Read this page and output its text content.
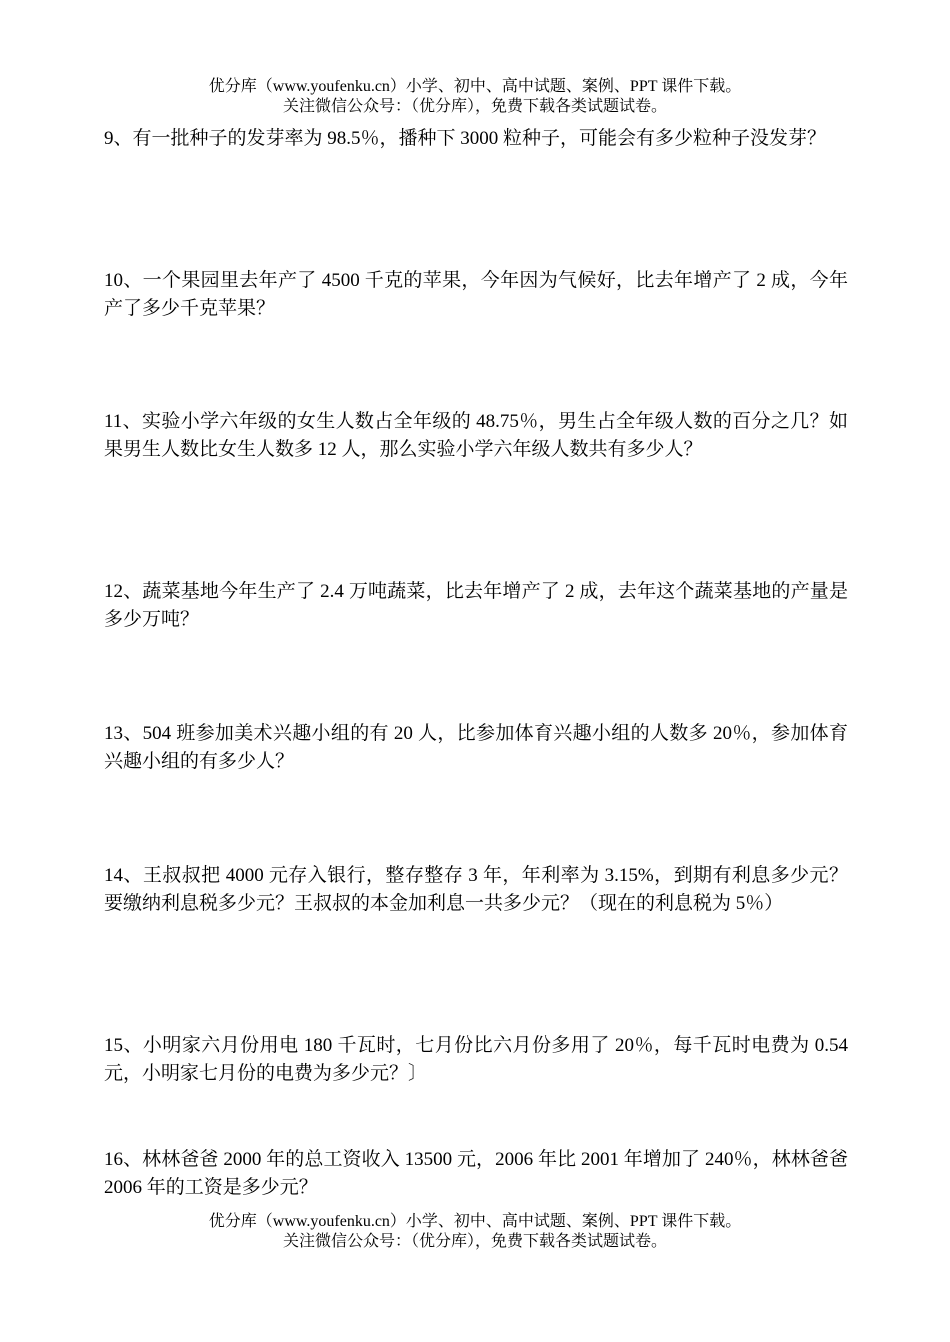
优分库（www.youfenku.cn）小学、初中、高中试题、案例、PPT 课件下载。
关注微信公众号：（优分库），免费下载各类试题试卷。
9、有一批种子的发芽率为 98.5％，播种下 3000 粒种子，可能会有多少粒种子没发芽？
10、一个果园里去年产了 4500 千克的苹果，今年因为气候好，比去年增产了 2 成，今年产了多少千克苹果？
11、实验小学六年级的女生人数占全年级的 48.75％，男生占全年级人数的百分之几？如果男生人数比女生人数多 12 人，那么实验小学六年级人数共有多少人？
12、蔬菜基地今年生产了 2.4 万吨蔬菜，比去年增产了 2 成，去年这个蔬菜基地的产量是多少万吨？
13、504 班参加美术兴趣小组的有 20 人，比参加体育兴趣小组的人数多 20％，参加体育兴趣小组的有多少人？
14、王叔叔把 4000 元存入银行，整存整存 3 年，年利率为 3.15%，到期有利息多少元？要缴纳利息税多少元？王叔叔的本金加利息一共多少元？（现在的利息税为 5％）
15、小明家六月份用电 180 千瓦时，七月份比六月份多用了 20％，每千瓦时电费为 0.54 元，小明家七月份的电费为多少元？〕
16、林林爸爸 2000 年的总工资收入 13500 元，2006 年比 2001 年增加了 240％，林林爸爸 2006 年的工资是多少元？
优分库（www.youfenku.cn）小学、初中、高中试题、案例、PPT 课件下载。
关注微信公众号：（优分库），免费下载各类试题试卷。
